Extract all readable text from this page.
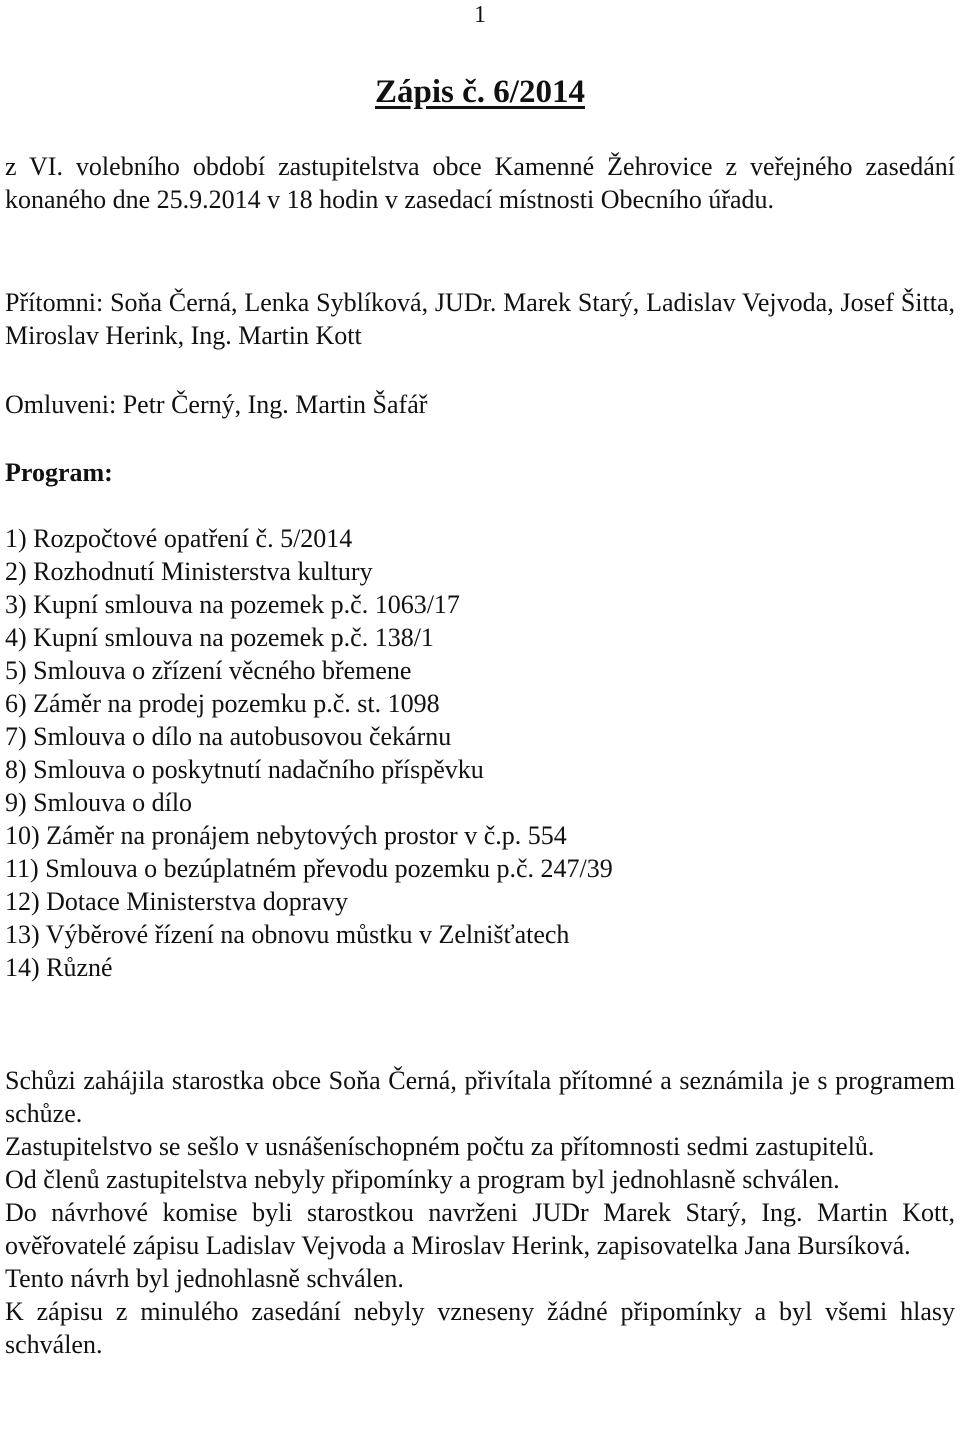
1
Zápis č. 6/2014
z VI. volebního období zastupitelstva obce Kamenné Žehrovice z veřejného zasedání konaného dne 25.9.2014 v 18 hodin v zasedací místnosti Obecního úřadu.
Přítomni: Soňa Černá, Lenka Syblíková, JUDr. Marek Starý, Ladislav Vejvoda, Josef Šitta, Miroslav Herink, Ing. Martin Kott
Omluveni: Petr Černý, Ing. Martin Šafář
Program:
1) Rozpočtové opatření č. 5/2014
2) Rozhodnutí Ministerstva kultury
3) Kupní smlouva na pozemek p.č. 1063/17
4) Kupní smlouva na pozemek p.č. 138/1
5) Smlouva o zřízení věcného břemene
6) Záměr na prodej pozemku p.č. st. 1098
7) Smlouva o dílo na autobusovou čekárnu
8) Smlouva o poskytnutí nadačního příspěvku
9) Smlouva o dílo
10) Záměr na pronájem nebytových prostor v č.p. 554
11) Smlouva o bezúplatném převodu pozemku p.č. 247/39
12) Dotace Ministerstva dopravy
13) Výběrové řízení na obnovu můstku v Zelnišťatech
14) Různé

Schůzi zahájila starostka obce Soňa Černá, přivítala přítomné a seznámila je s programem schůze.

Zastupitelstvo se sešlo v usnášeníschopném počtu za přítomnosti sedmi zastupitelů.

Od členů zastupitelstva nebyly připomínky a program byl jednohlasně schválen.

Do návrhové komise byli starostkou navrženi JUDr Marek Starý, Ing. Martin Kott, ověřovatelé zápisu Ladislav Vejvoda a Miroslav Herink, zapisovatelka Jana Bursíková.

Tento návrh byl jednohlasně schválen.

K zápisu z minulého zasedání nebyly vzneseny žádné připomínky a byl všemi hlasy schválen.
